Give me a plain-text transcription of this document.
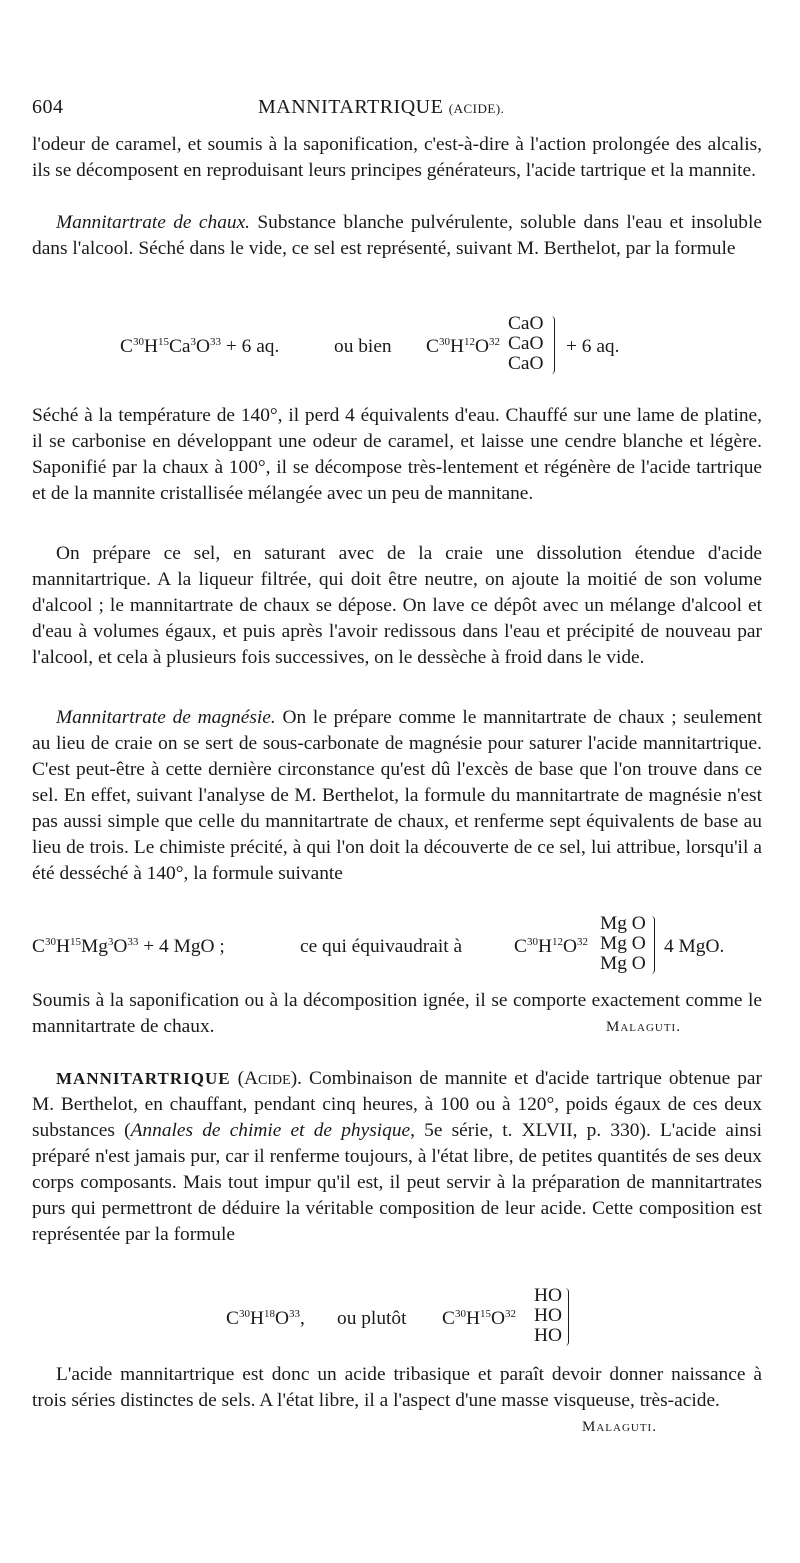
604	MANNITARTRIQUE (ACIDE).

l'odeur de caramel, et soumis à la saponification, c'est-à-dire à l'action prolongée des alcalis, ils se décomposent en reproduisant leurs principes générateurs, l'acide tartrique et la mannite.

Mannitartrate de chaux. Substance blanche pulvérulente, soluble dans l'eau et insoluble dans l'alcool. Séché dans le vide, ce sel est représenté, suivant M. Berthelot, par la formule

$C^{30}H^{15}Ca^3O^{33} + 6$ aq.	ou bien $C^{30}H^{12}O^{32}$
CaO
CaO
CaO
+ 6 aq.

Séché à la température de 140°, il perd 4 équivalents d'eau. Chauffé sur une lame de platine, il se carbonise en développant une odeur de caramel, et laisse une cendre blanche et légère. Saponifié par la chaux à 100°, il se décompose très-lentement et régénère de l'acide tartrique et de la mannite cristallisée mélangée avec un peu de mannitane.

On prépare ce sel, en saturant avec de la craie une dissolution étendue d'acide mannitartrique. A la liqueur filtrée, qui doit être neutre, on ajoute la moitié de son volume d'alcool ; le mannitartrate de chaux se dépose. On lave ce dépôt avec un mélange d'alcool et d'eau à volumes égaux, et puis après l'avoir redissous dans l'eau et précipité de nouveau par l'alcool, et cela à plusieurs fois successives, on le dessèche à froid dans le vide.

Mannitartrate de magnésie. On le prépare comme le mannitartrate de chaux ; seulement au lieu de craie on se sert de sous-carbonate de magnésie pour saturer l'acide mannitartrique. C'est peut-être à cette dernière circonstance qu'est dû l'excès de base que l'on trouve dans ce sel. En effet, suivant l'analyse de M. Berthelot, la formule du mannitartrate de magnésie n'est pas aussi simple que celle du mannitartrate de chaux, et renferme sept équivalents de base au lieu de trois. Le chimiste précité, à qui l'on doit la découverte de ce sel, lui attribue, lorsqu'il a été desséché à 140°, la formule suivante

$C^{30}H^{15}Mg^3O^{33} + 4$ MgO ;	ce qui équivaudrait à	$C^{30}H^{12}O^{32}$
Mg O
Mg O
Mg O
4 MgO.

Soumis à la saponification ou à la décomposition ignée, il se comporte exactement comme le mannitartrate de chaux.	Malaguti.

MANNITARTRIQUE (Acide). Combinaison de mannite et d'acide tartrique obtenue par M. Berthelot, en chauffant, pendant cinq heures, à 100 ou à 120°, poids égaux de ces deux substances (Annales de chimie et de physique, 5e série, t. XLVII, p. 330). L'acide ainsi préparé n'est jamais pur, car il renferme toujours, à l'état libre, de petites quantités de ses deux corps composants. Mais tout impur qu'il est, il peut servir à la préparation de mannitartrates purs qui permettront de déduire la véritable composition de leur acide. Cette composition est représentée par la formule

$C^{30}H^{18}O^{33}$, ou plutôt $C^{30}H^{15}O^{32}$
HO
HO
HO

L'acide mannitartrique est donc un acide tribasique et paraît devoir donner naissance à trois séries distinctes de sels. A l'état libre, il a l'aspect d'une masse visqueuse, très-acide.

Malaguti.
